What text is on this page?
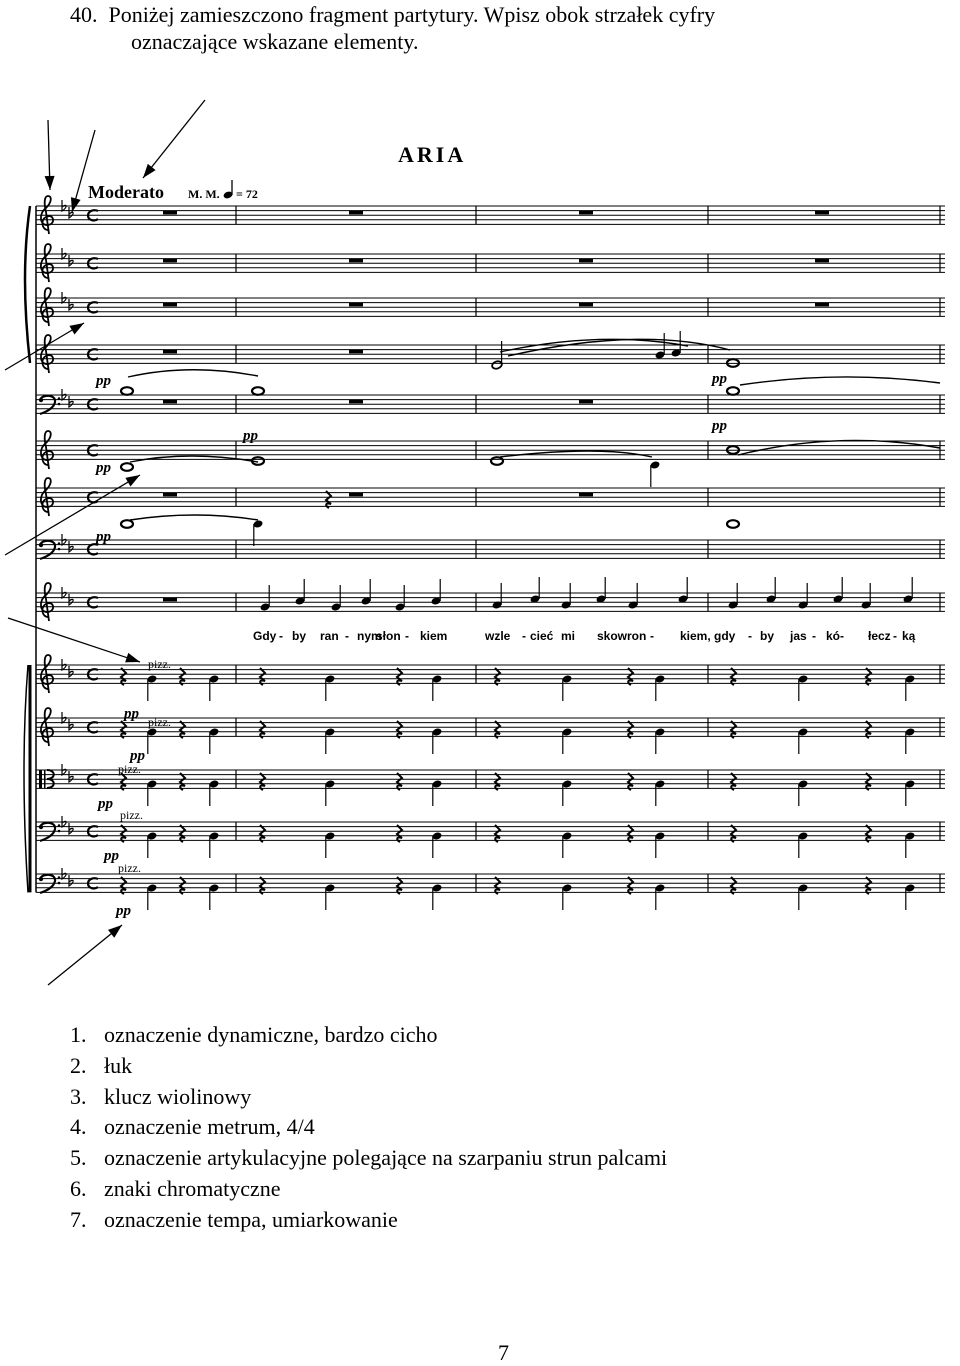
40. Poniżej zamieszczono fragment partytury. Wpisz obok strzałek cyfry
oznaczające wskazane elementy.
ARIA
Moderato M. M. = 72
Gdy - by ran - nym
słon - kiem	wzle - cieć mi skowron - kiem, gdy - by jas - kó - łecz - ką
pp
pp
pp
pp
pp
pp
pp
pp
pp
pp
pp
pizz.
pizz.
pizz.
pizz.
pizz.
1. oznaczenie dynamiczne, bardzo cicho
2. łuk
3. klucz wiolinowy
4. oznaczenie metrum, 4/4
5. oznaczenie artykulacyjne polegające na szarpaniu strun palcami
6. znaki chromatyczne
7. oznaczenie tempa, umiarkowanie
7
